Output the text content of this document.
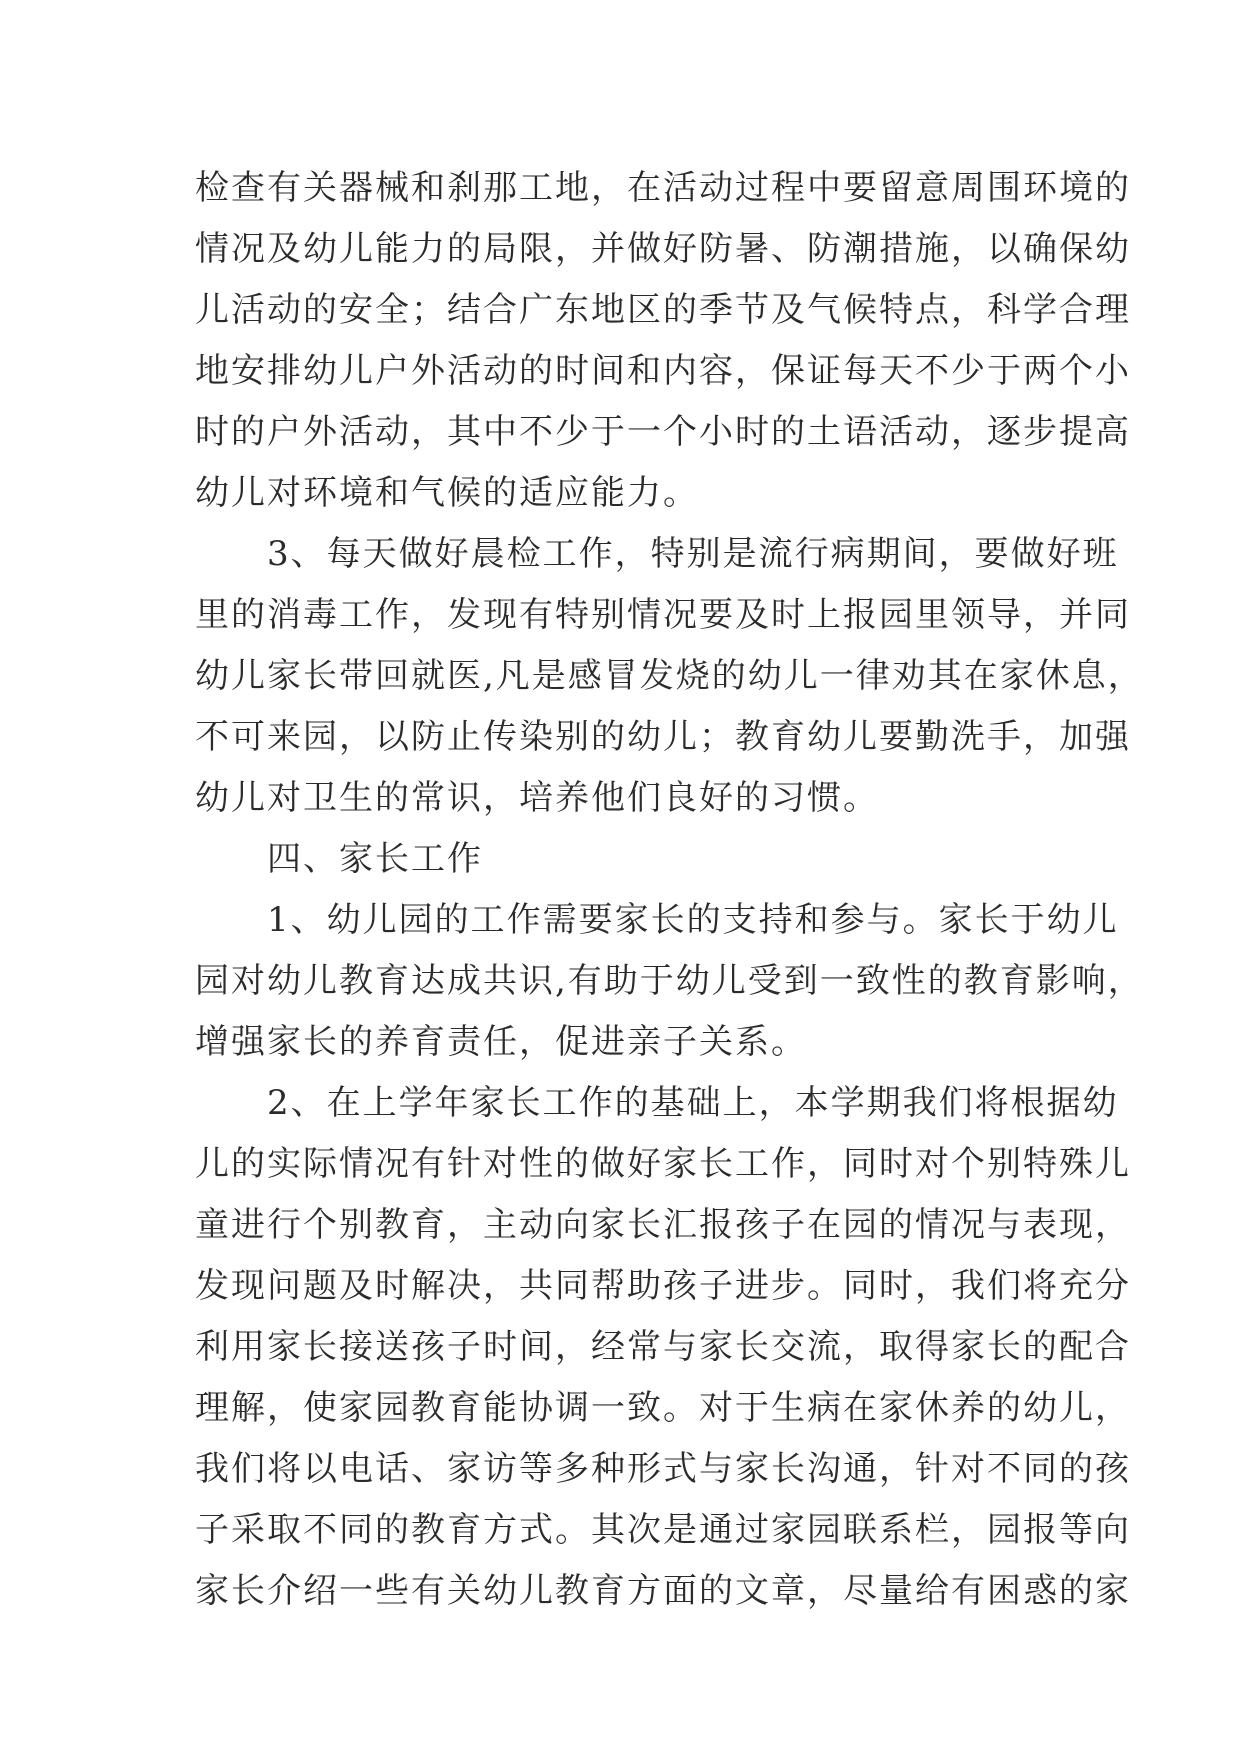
检查有关器械和刹那工地，在活动过程中要留意周围环境的
情况及幼儿能力的局限，并做好防暑、防潮措施，以确保幼
儿活动的安全；结合广东地区的季节及气候特点，科学合理
地安排幼儿户外活动的时间和内容，保证每天不少于两个小
时的户外活动，其中不少于一个小时的土语活动，逐步提高
幼儿对环境和气候的适应能力。
　　3、每天做好晨检工作，特别是流行病期间，要做好班
里的消毒工作，发现有特别情况要及时上报园里领导，并同
幼儿家长带回就医,凡是感冒发烧的幼儿一律劝其在家休息，
不可来园，以防止传染别的幼儿；教育幼儿要勤洗手，加强
幼儿对卫生的常识，培养他们良好的习惯。
　　四、家长工作
　　1、幼儿园的工作需要家长的支持和参与。家长于幼儿
园对幼儿教育达成共识,有助于幼儿受到一致性的教育影响，
增强家长的养育责任，促进亲子关系。
　　2、在上学年家长工作的基础上，本学期我们将根据幼
儿的实际情况有针对性的做好家长工作，同时对个别特殊儿
童进行个别教育，主动向家长汇报孩子在园的情况与表现，
发现问题及时解决，共同帮助孩子进步。同时，我们将充分
利用家长接送孩子时间，经常与家长交流，取得家长的配合
理解，使家园教育能协调一致。对于生病在家休养的幼儿，
我们将以电话、家访等多种形式与家长沟通，针对不同的孩
子采取不同的教育方式。其次是通过家园联系栏，园报等向
家长介绍一些有关幼儿教育方面的文章，尽量给有困惑的家
